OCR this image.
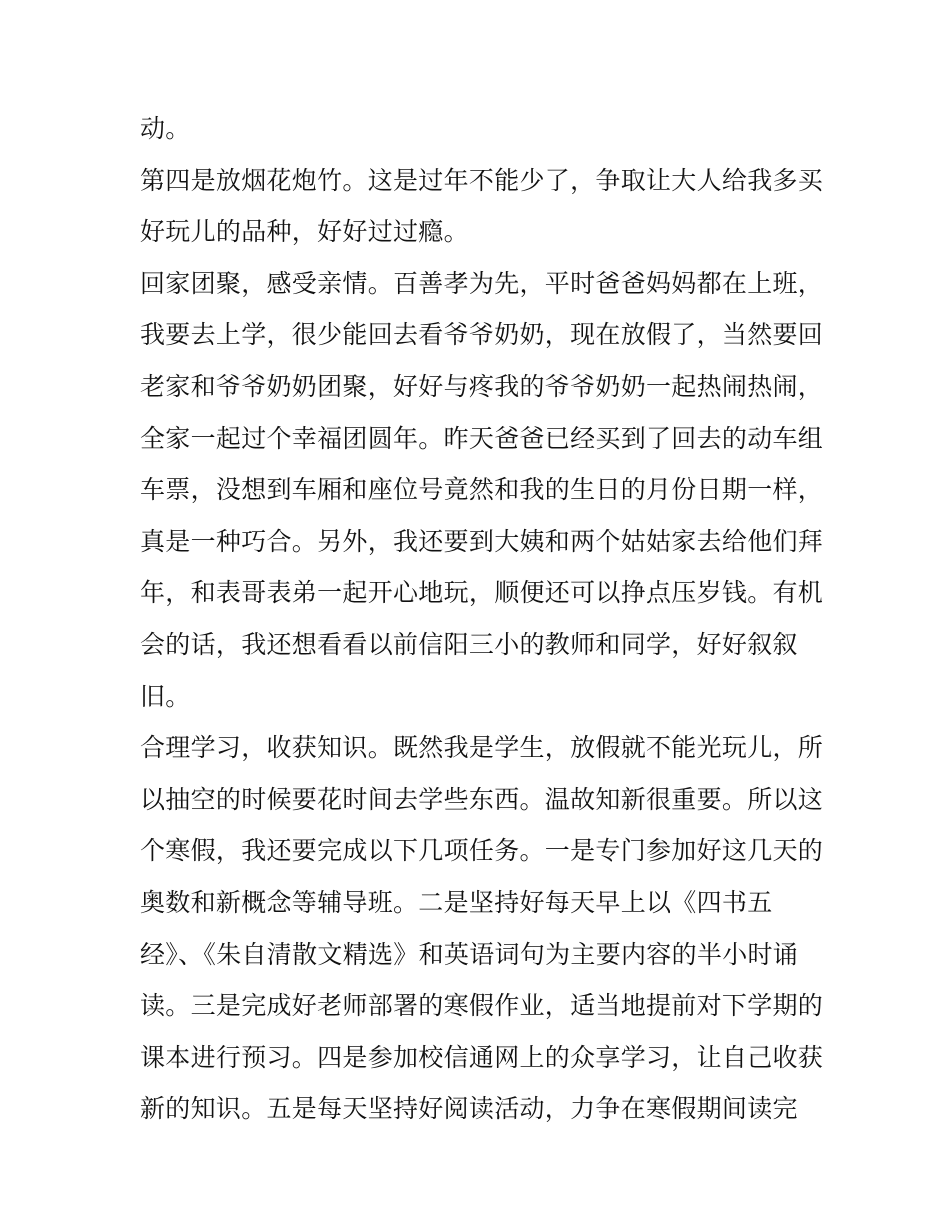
动。
第四是放烟花炮竹。这是过年不能少了，争取让大人给我多买
好玩儿的品种，好好过过瘾。
回家团聚，感受亲情。百善孝为先，平时爸爸妈妈都在上班，
我要去上学，很少能回去看爷爷奶奶，现在放假了，当然要回
老家和爷爷奶奶团聚，好好与疼我的爷爷奶奶一起热闹热闹，
全家一起过个幸福团圆年。昨天爸爸已经买到了回去的动车组
车票，没想到车厢和座位号竟然和我的生日的月份日期一样，
真是一种巧合。另外，我还要到大姨和两个姑姑家去给他们拜
年，和表哥表弟一起开心地玩，顺便还可以挣点压岁钱。有机
会的话，我还想看看以前信阳三小的教师和同学，好好叙叙
旧。
合理学习，收获知识。既然我是学生，放假就不能光玩儿，所
以抽空的时候要花时间去学些东西。温故知新很重要。所以这
个寒假，我还要完成以下几项任务。一是专门参加好这几天的
奥数和新概念等辅导班。二是坚持好每天早上以《四书五
经》、《朱自清散文精选》和英语词句为主要内容的半小时诵
读。三是完成好老师部署的寒假作业，适当地提前对下学期的
课本进行预习。四是参加校信通网上的众享学习，让自己收获
新的知识。五是每天坚持好阅读活动，力争在寒假期间读完
